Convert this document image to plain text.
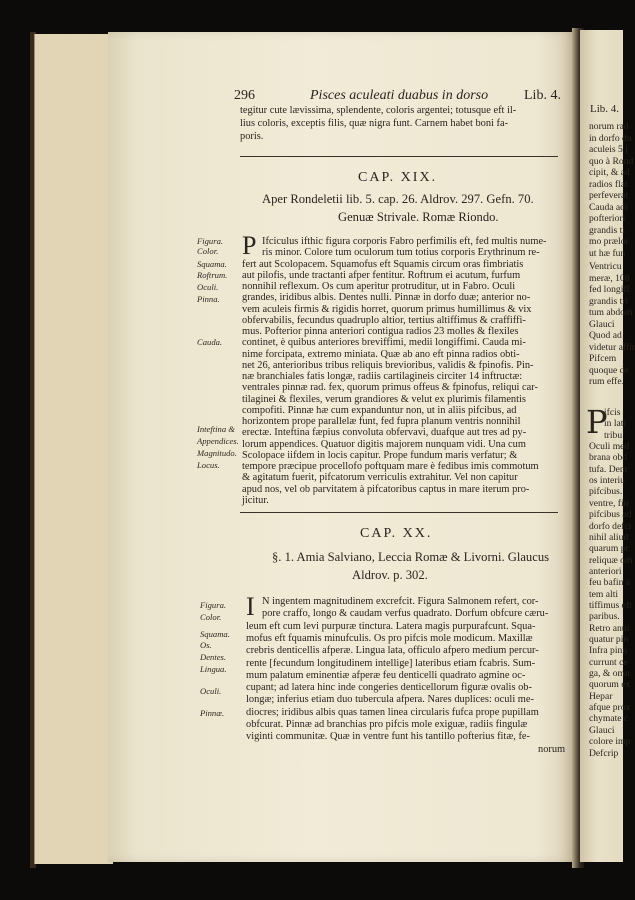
Lib. 4.
norum rad
in dorfo du
aculeis 5 [
quo à Rond
cipit, & ad
radios flat
perfeverat
Cauda adi
pofteriori
grandis ti
mo prælor
ut hæ fun
Ventricu
meræ, 108
fed longiff
grandis tri
tum abdom
Glauci
Quod ad
videtur affir
Pifcem
quoque de
rum effe.
P
ifcis
in lati
tribu
Oculi med
brana obd
tufa. Dent
os interiu
pifcibus.
ventre, fin
pifcibus ad
dorfo defci
nihil aliud
quarum pr
reliquæ om
anteriori
feu bafin a
tem alti
tiffimus eft
paribus.
Retro anui
quatur pin
Infra pinn
currunt ce
ga, & omn
quorum ex
Hepar
afque prox
chymate c
Glauci
colore imp
Defcrip
296	Pisces aculeati duabus in dorso	Lib. 4.
tegitur cute lævissima, splendente, coloris argentei; totusque eft il-
lius coloris, exceptis filis, quæ nigra funt. Carnem habet boni fa-
poris.
CAP. XIX.
Aper Rondeletii lib. 5. cap. 26. Aldrov. 297. Gefn. 70.
Genuæ Strivale. Romæ Riondo.
P Ifciculus ifthic figura corporis Fabro perfimilis eft, fed multis nume-
ris minor. Colore tum oculorum tum totius corporis Erythrinum re-
fert aut Scolopacem. Squamofus eft Squamis circum oras fimbriatis
aut pilofis, unde tractanti afper fentitur. Roftrum ei acutum, furfum
nonnihil reflexum. Os cum aperitur protruditur, ut in Fabro. Oculi
grandes, iridibus albis. Dentes nulli. Pinnæ in dorfo duæ; anterior no-
vem aculeis firmis & rigidis horret, quorum primus humillimus & vix
obfervabilis, fecundus quadruplo altior, tertius altiffimus & craffiffi-
mus. Pofterior pinna anteriori contigua radios 23 molles & flexiles
continet, è quibus anteriores breviffimi, medii longiffimi. Cauda mi-
nime forcipata, extremo miniata. Quæ ab ano eft pinna radios obti-
net 26, anterioribus tribus reliquis brevioribus, validis & fpinofis. Pin-
næ branchiales fatis longæ, radiis cartilagineis circiter 14 inftructæ:
ventrales pinnæ rad. fex, quorum primus offeus & fpinofus, reliqui car-
tilaginei & flexiles, verum grandiores & velut ex plurimis filamentis
compofiti. Pinnæ hæ cum expanduntur non, ut in aliis pifcibus, ad
horizontem prope parallelæ funt, fed fupra planum ventris nonnihil
erectæ. Inteftina fæpius convoluta obfervavi, duafque aut tres ad py-
lorum appendices. Quatuor digitis majorem nunquam vidi. Una cum
Scolopace iifdem in locis capitur. Prope fundum maris verfatur; &
tempore præcipue procellofo poftquam mare è fedibus imis commotum
& agitatum fuerit, pifcatorum verriculis extrahitur. Vel non capitur
apud nos, vel ob parvitatem à pifcatoribus captus in mare iterum pro-
jicitur.
Figura.
Color.
Squama.
Roftrum.
Oculi.
Pinna.
Cauda.
Inteftina &
Appendices.
Magnitudo.
Locus.
CAP. XX.
§. 1. Amia Salviano, Leccia Romæ & Livorni. Glaucus
Aldrov. p. 302.
I N ingentem magnitudinem excrefcit. Figura Salmonem refert, cor-
pore craffo, longo & caudam verfus quadrato. Dorfum obfcure cæru-
leum eft cum levi purpuræ tinctura. Latera magis purpurafcunt. Squa-
mofus eft fquamis minufculis. Os pro pifcis mole modicum. Maxillæ
crebris denticellis afperæ. Lingua lata, officulo afpero medium percur-
rente [fecundum longitudinem intellige] lateribus etiam fcabris. Sum-
mum palatum eminentiæ afperæ feu denticelli quadrato agmine oc-
cupant; ad latera hinc inde congeries denticellorum figuræ ovalis ob-
longæ; inferius etiam duo tubercula afpera. Nares duplices: oculi me-
diocres; iridibus albis quas tamen linea circularis fufca prope pupillam
obfcurat. Pinnæ ad branchias pro pifcis mole exiguæ, radiis fingulæ
viginti communitæ. Quæ in ventre funt his tantillo pofterius fitæ, fe-
Figura.
Color.
Squama.
Os.
Dentes.
Lingua.
Oculi.
Pinnæ.
norum
